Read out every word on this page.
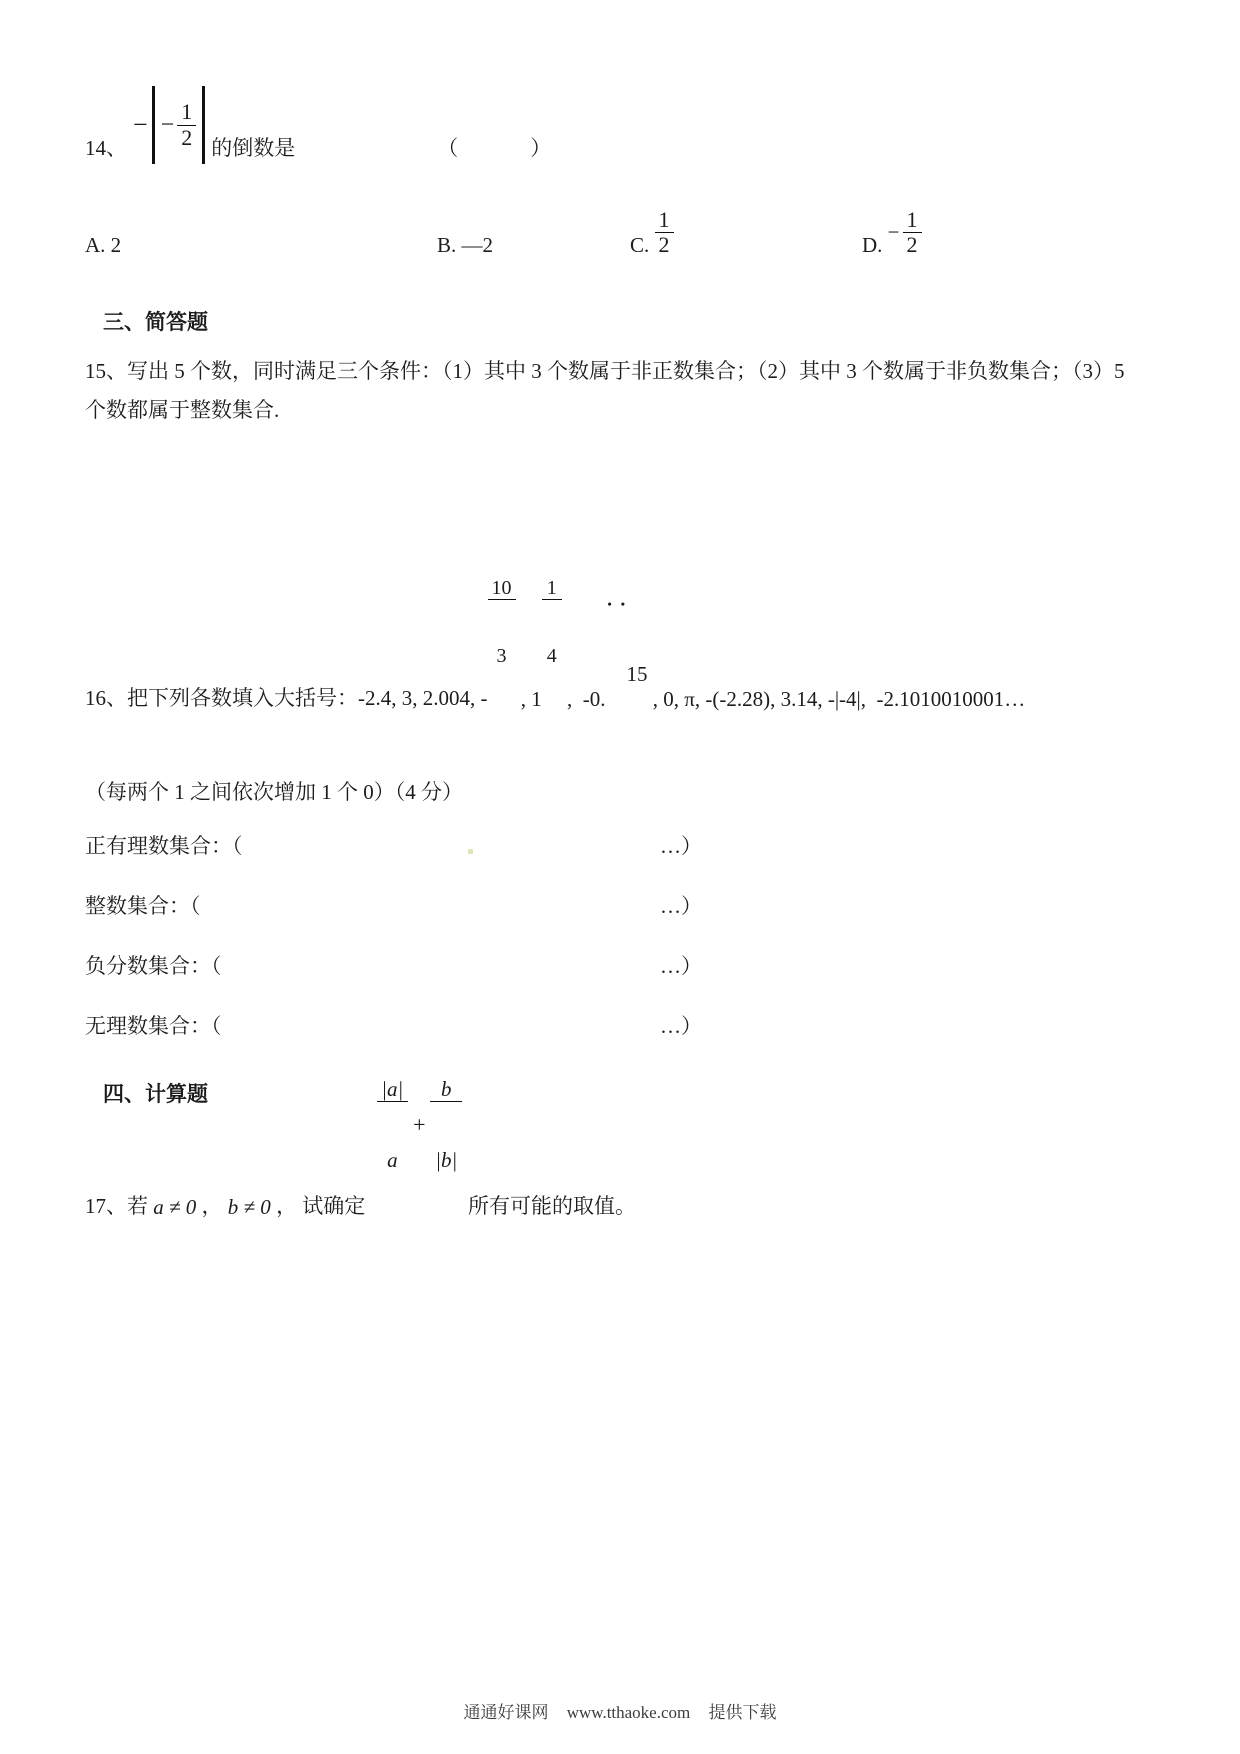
14、
− − $\frac{1}{2}$ 的倒数是	（　　）
A. 2	B. —2	C. $\frac{1}{2}$	D.
− $\frac{1}{2}$
三、简答题
15、写出 5 个数，同时满足三个条件：（1）其中 3 个数属于非正数集合；（2）其中 3 个数属于非负数集合；（3）5
个数都属于整数集合.
16、把下列各数填入大括号：-2.4, 3, 2.004, -

$\frac{10}{3}$

, 1

$\frac{1}{4}$

,  -0.

••

15

, 0, π, -(-2.28), 3.14, -|-4|,  -2.1010010001…
（每两个 1 之间依次增加 1 个 0）（4 分）
正有理数集合：（	…）
整数集合：（	…）
负分数集合：（	…）
无理数集合：（	…）
四、计算题
17、若 a ≠ 0 ， b ≠ 0 ， 试确定

$\frac{|a|}{a}$

+

$\frac{b}{|b|}$

所有可能的取值。
通通好课网 www.tthaoke.com 提供下载
